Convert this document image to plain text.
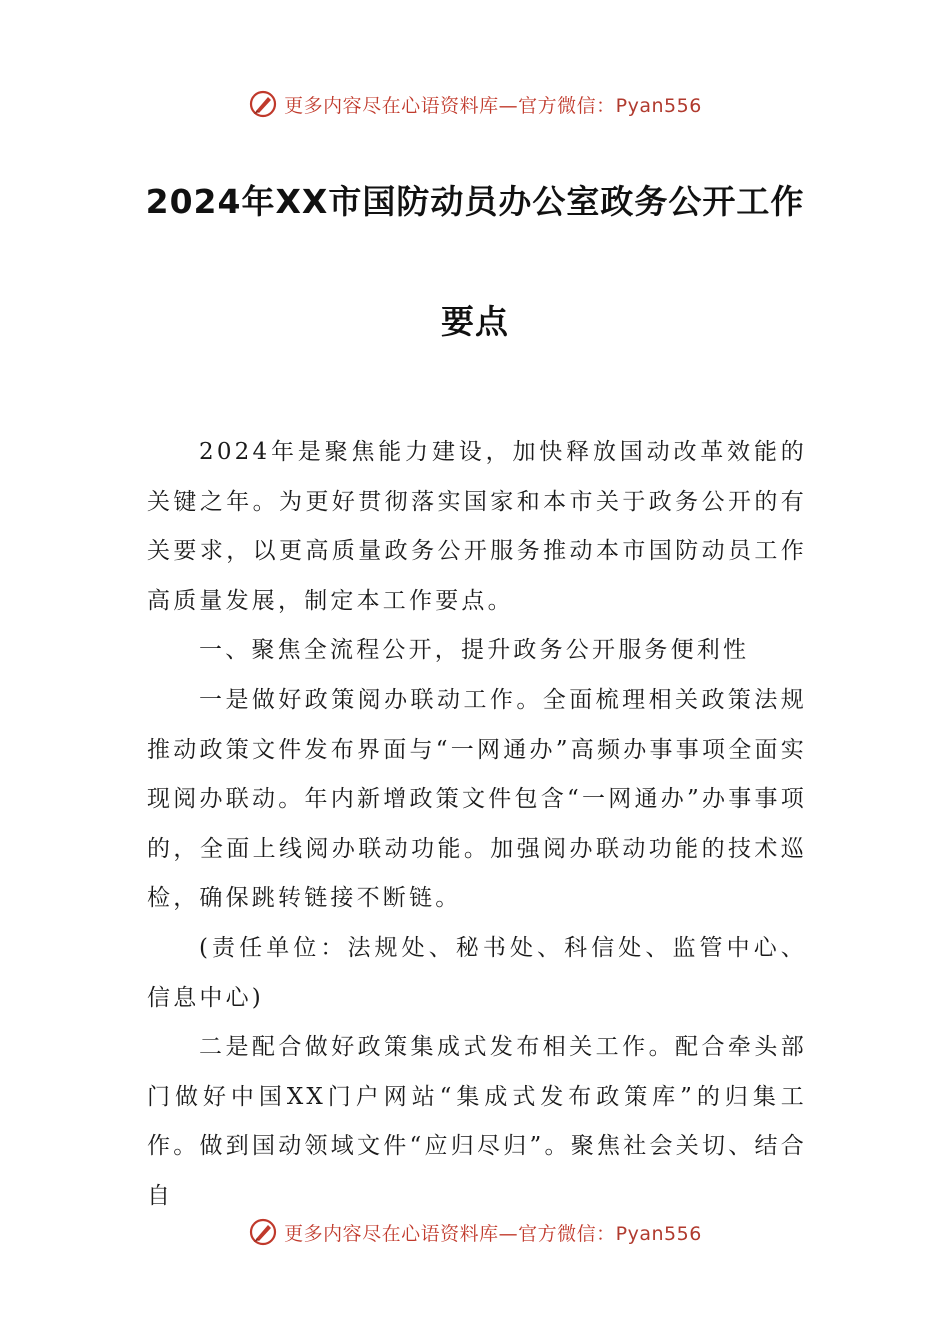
更多内容尽在心语资料库—官方微信：Pyan556
2024年XX市国防动员办公室政务公开工作
要点

2024年是聚焦能力建设，加快释放国动改革效能的关键之年。为更好贯彻落实国家和本市关于政务公开的有关要求，以更高质量政务公开服务推动本市国防动员工作高质量发展，制定本工作要点。

一、聚焦全流程公开，提升政务公开服务便利性

一是做好政策阅办联动工作。全面梳理相关政策法规推动政策文件发布界面与“一网通办”高频办事事项全面实现阅办联动。年内新增政策文件包含“一网通办”办事事项的，全面上线阅办联动功能。加强阅办联动功能的技术巡检，确保跳转链接不断链。

(责任单位：法规处、秘书处、科信处、监管中心、信息中心)

二是配合做好政策集成式发布相关工作。配合牵头部门做好中国XX门户网站“集成式发布政策库”的归集工作。做到国动领域文件“应归尽归”。聚焦社会关切、结合自

更多内容尽在心语资料库—官方微信：Pyan556
